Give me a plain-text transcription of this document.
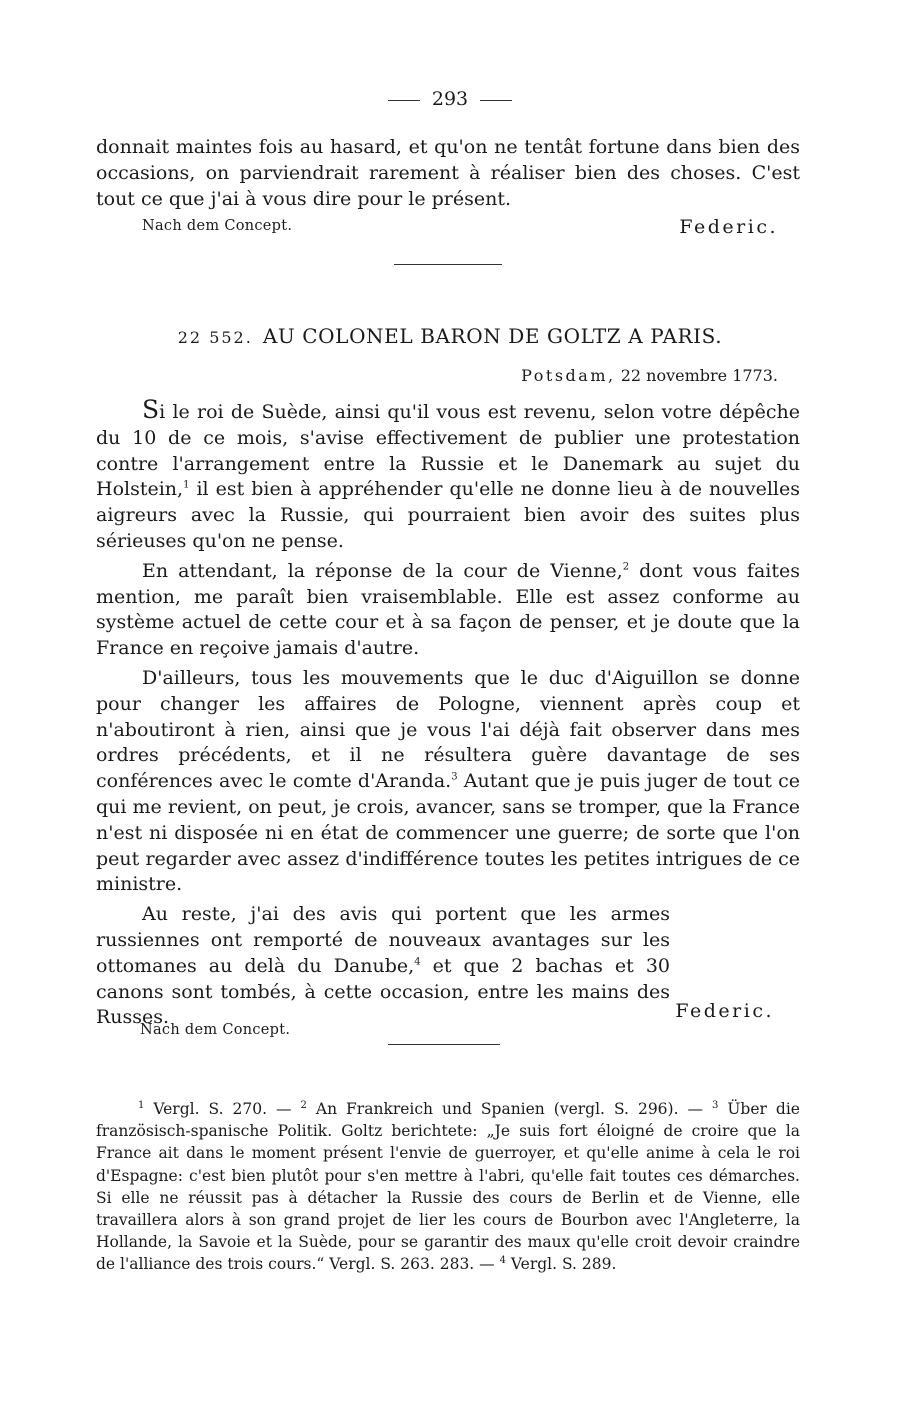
293

donnait maintes fois au hasard, et qu'on ne tentât fortune dans bien des occasions, on parviendrait rarement à réaliser bien des choses. C'est tout ce que j'ai à vous dire pour le présent.

Nach dem Concept.	Federic.
22 552. AU COLONEL BARON DE GOLTZ A PARIS.
Potsdam, 22 novembre 1773.

Si le roi de Suède, ainsi qu'il vous est revenu, selon votre dépêche du 10 de ce mois, s'avise effectivement de publier une protestation contre l'arrangement entre la Russie et le Danemark au sujet du Holstein,$^1$ il est bien à appréhender qu'elle ne donne lieu à de nouvelles aigreurs avec la Russie, qui pourraient bien avoir des suites plus sérieuses qu'on ne pense.

En attendant, la réponse de la cour de Vienne,$^2$ dont vous faites mention, me paraît bien vraisemblable. Elle est assez conforme au système actuel de cette cour et à sa façon de penser, et je doute que la France en reçoive jamais d'autre.

D'ailleurs, tous les mouvements que le duc d'Aiguillon se donne pour changer les affaires de Pologne, viennent après coup et n'aboutiront à rien, ainsi que je vous l'ai déjà fait observer dans mes ordres précédents, et il ne résultera guère davantage de ses conférences avec le comte d'Aranda.$^3$ Autant que je puis juger de tout ce qui me revient, on peut, je crois, avancer, sans se tromper, que la France n'est ni disposée ni en état de commencer une guerre; de sorte que l'on peut regarder avec assez d'indifférence toutes les petites intrigues de ce ministre.

Au reste, j'ai des avis qui portent que les armes russiennes ont remporté de nouveaux avantages sur les ottomanes au delà du Danube,$^4$ et que 2 bachas et 30 canons sont tombés, à cette occasion, entre les mains des Russes.	Federic.
Nach dem Concept.

$^1$ Vergl. S. 270. — $^2$ An Frankreich und Spanien (vergl. S. 296). — $^3$ Über die französisch-spanische Politik. Goltz berichtete: „Je suis fort éloigné de croire que la France ait dans le moment présent l'envie de guerroyer, et qu'elle anime à cela le roi d'Espagne: c'est bien plutôt pour s'en mettre à l'abri, qu'elle fait toutes ces démarches. Si elle ne réussit pas à détacher la Russie des cours de Berlin et de Vienne, elle travaillera alors à son grand projet de lier les cours de Bourbon avec l'Angleterre, la Hollande, la Savoie et la Suède, pour se garantir des maux qu'elle croit devoir craindre de l'alliance des trois cours.“ Vergl. S. 263. 283. — $^4$ Vergl. S. 289.
